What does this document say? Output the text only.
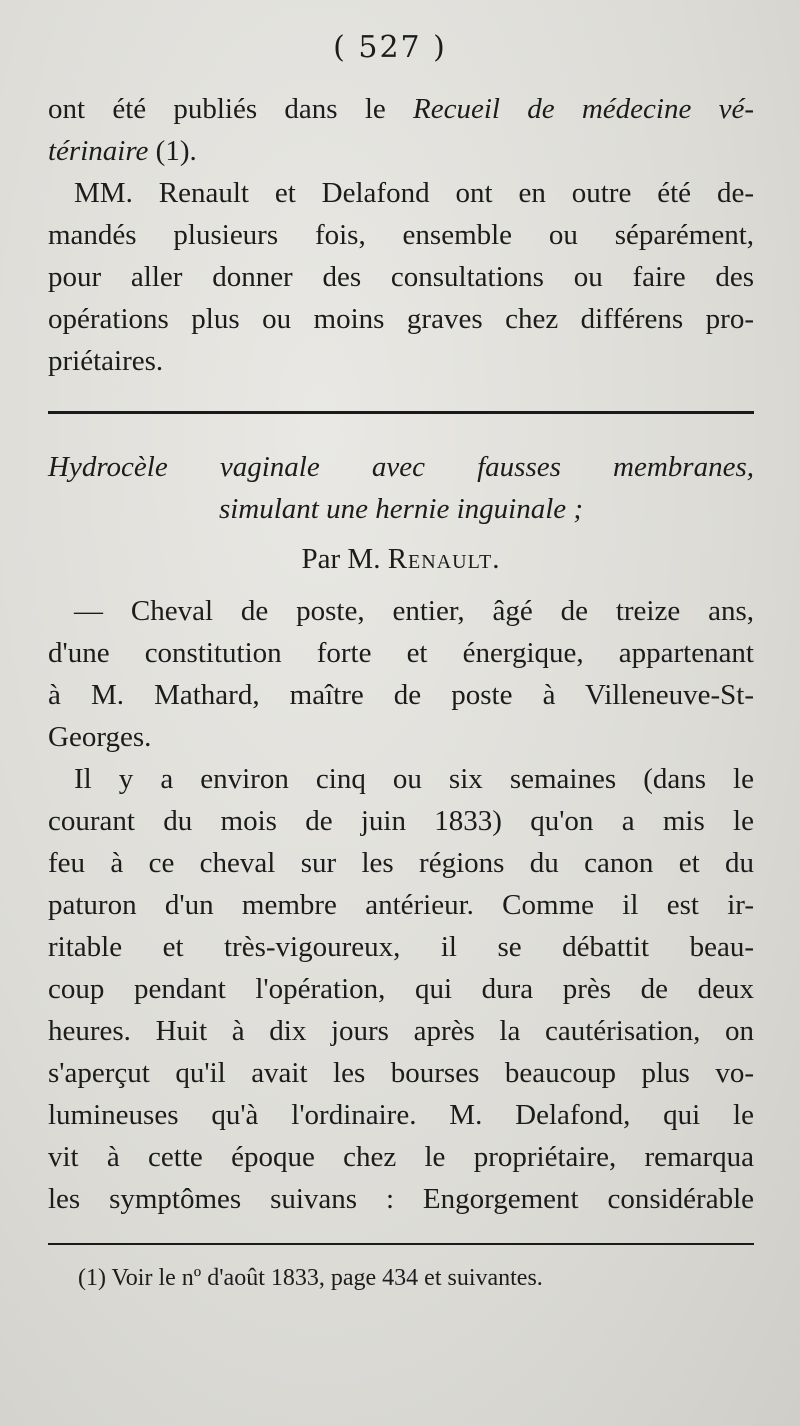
( 527 )
ont été publiés dans le Recueil de médecine vé-
térinaire (1).
MM. Renault et Delafond ont en outre été de-
mandés plusieurs fois, ensemble ou séparément,
pour aller donner des consultations ou faire des
opérations plus ou moins graves chez différens pro-
priétaires.
Hydrocèle vaginale avec fausses membranes,
simulant une hernie inguinale ;
Par M. Renault.
— Cheval de poste, entier, âgé de treize ans,
d'une constitution forte et énergique, appartenant
à M. Mathard, maître de poste à Villeneuve-St-
Georges.
Il y a environ cinq ou six semaines (dans le
courant du mois de juin 1833) qu'on a mis le
feu à ce cheval sur les régions du canon et du
paturon d'un membre antérieur. Comme il est ir-
ritable et très-vigoureux, il se débattit beau-
coup pendant l'opération, qui dura près de deux
heures. Huit à dix jours après la cautérisation, on
s'aperçut qu'il avait les bourses beaucoup plus vo-
lumineuses qu'à l'ordinaire. M. Delafond, qui le
vit à cette époque chez le propriétaire, remarqua
les symptômes suivans : Engorgement considérable
(1) Voir le nº d'août 1833, page 434 et suivantes.
